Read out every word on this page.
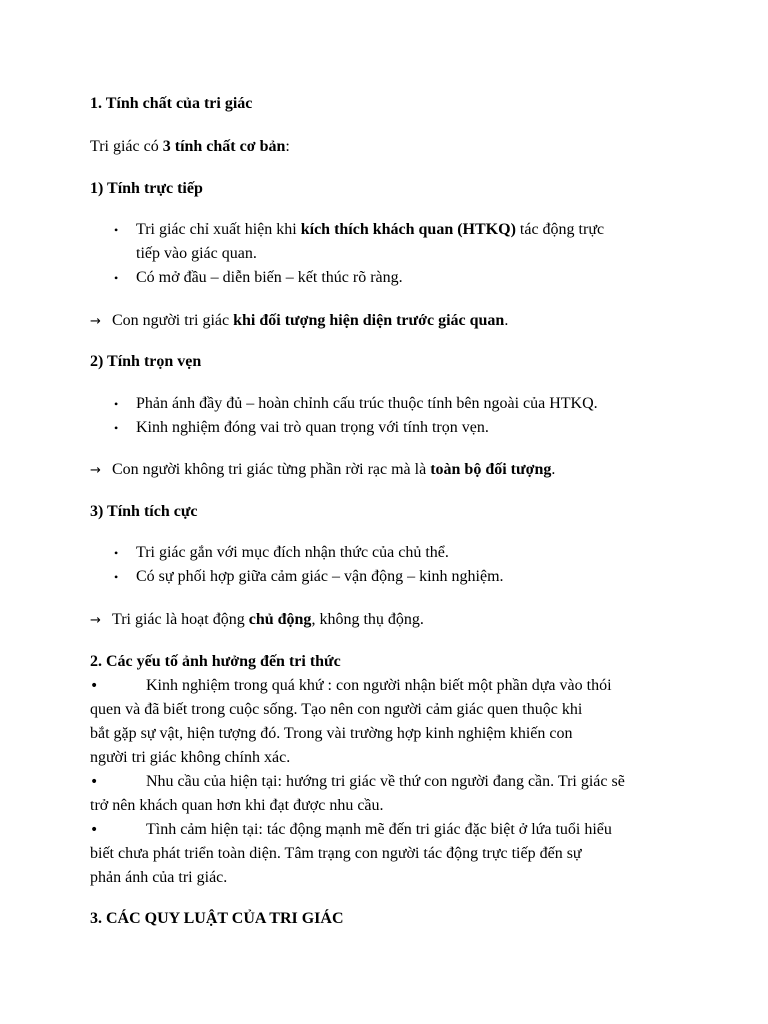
1. Tính chất của tri giác
Tri giác có 3 tính chất cơ bản:
1) Tính trực tiếp
• Tri giác chỉ xuất hiện khi kích thích khách quan (HTKQ) tác động trực
tiếp vào giác quan.
• Có mở đầu – diễn biến – kết thúc rõ ràng.
→ Con người tri giác khi đối tượng hiện diện trước giác quan.
2) Tính trọn vẹn
• Phản ánh đầy đủ – hoàn chỉnh cấu trúc thuộc tính bên ngoài của HTKQ.
• Kinh nghiệm đóng vai trò quan trọng với tính trọn vẹn.
→ Con người không tri giác từng phần rời rạc mà là toàn bộ đối tượng.
3) Tính tích cực
• Tri giác gắn với mục đích nhận thức của chủ thể.
• Có sự phối hợp giữa cảm giác – vận động – kinh nghiệm.
→ Tri giác là hoạt động chủ động, không thụ động.
2. Các yếu tố ảnh hưởng đến tri thức
•	Kinh nghiệm trong quá khứ : con người nhận biết một phần dựa vào thói
quen và đã biết trong cuộc sống. Tạo nên con người cảm giác quen thuộc khi
bắt gặp sự vật, hiện tượng đó. Trong vài trường hợp kinh nghiệm khiến con
người tri giác không chính xác.
•	Nhu cầu của hiện tại: hướng tri giác về thứ con người đang cần. Tri giác sẽ
trở nên khách quan hơn khi đạt được nhu cầu.
•	Tình cảm hiện tại: tác động mạnh mẽ đến tri giác đặc biệt ở lứa tuổi hiểu
biết chưa phát triển toàn diện. Tâm trạng con người tác động trực tiếp đến sự
phản ánh của tri giác.
3. CÁC QUY LUẬT CỦA TRI GIÁC
